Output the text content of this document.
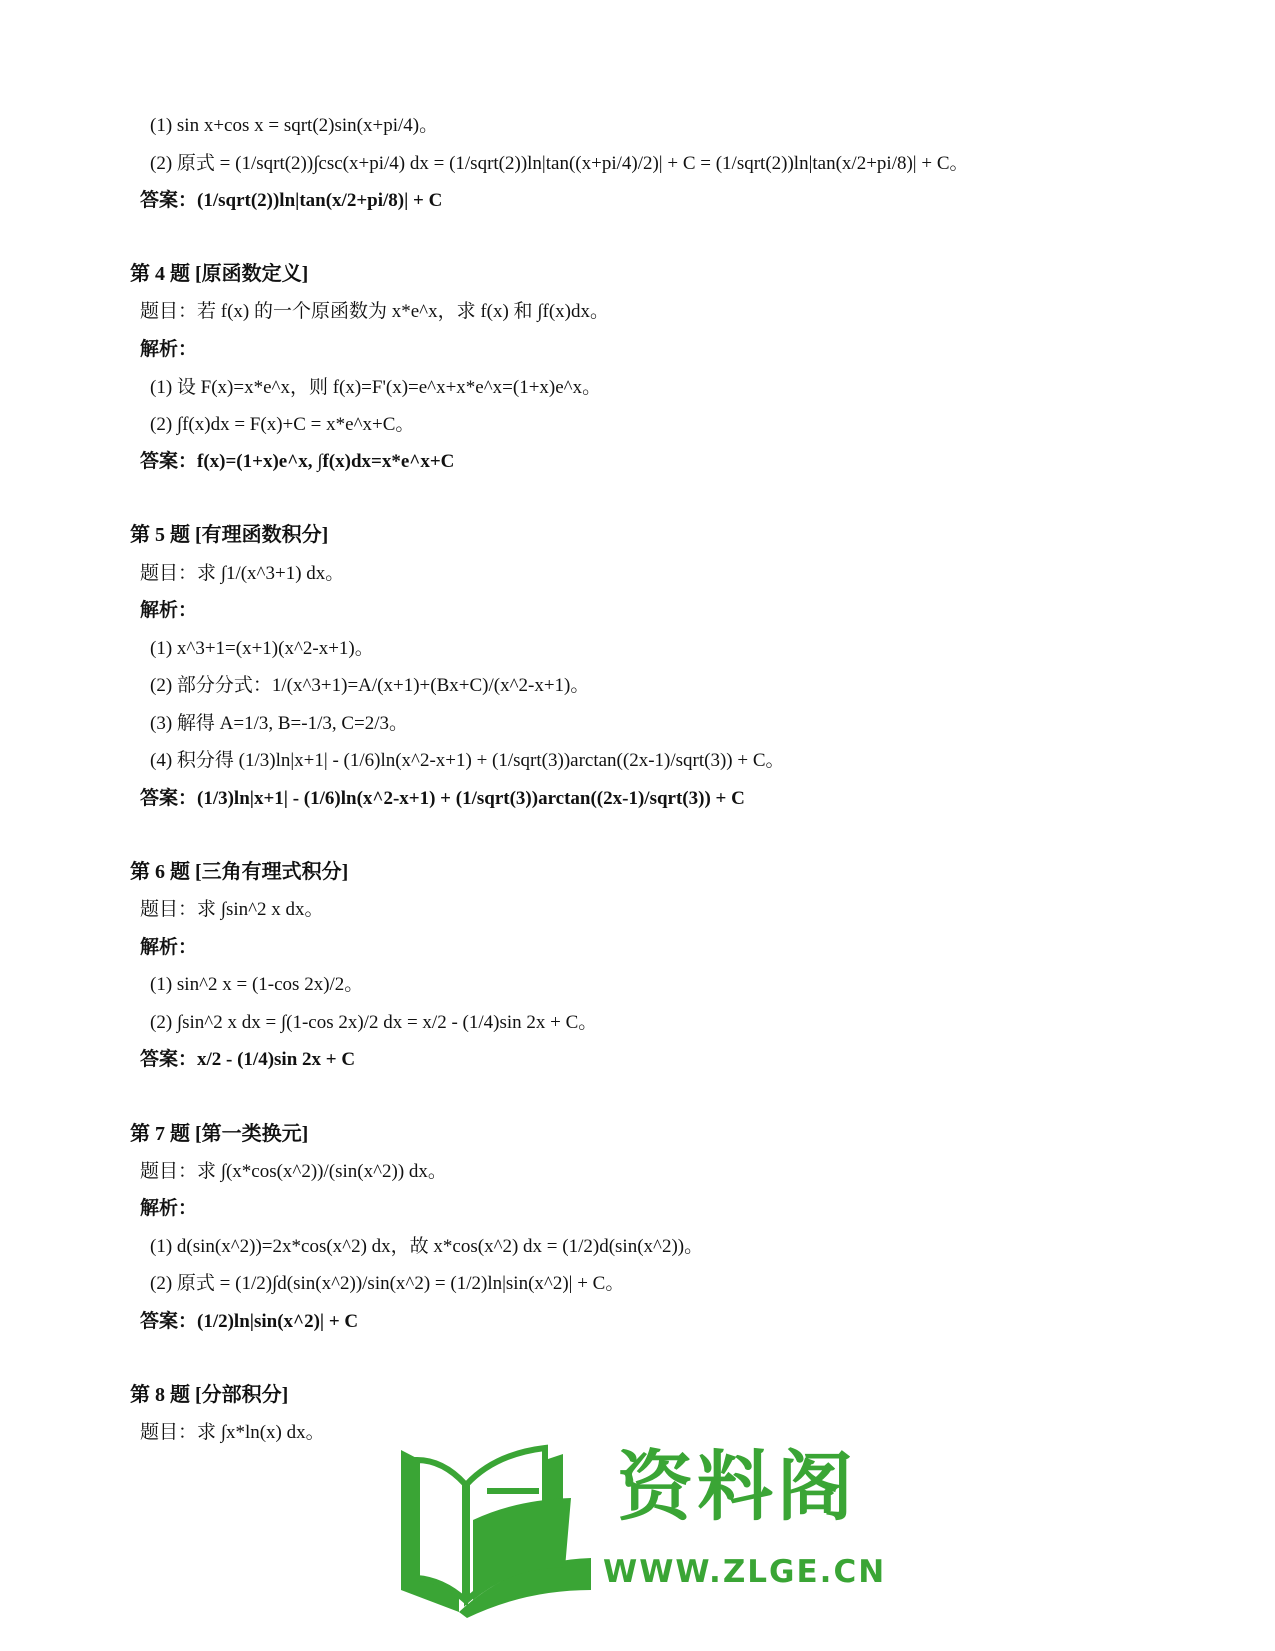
(1) sin x+cos x = sqrt(2)sin(x+pi/4)。
(2) 原式 = (1/sqrt(2))∫csc(x+pi/4) dx = (1/sqrt(2))ln|tan((x+pi/4)/2)| + C = (1/sqrt(2))ln|tan(x/2+pi/8)| + C。
答案：(1/sqrt(2))ln|tan(x/2+pi/8)| + C
第 4 题 [原函数定义]
题目：若 f(x) 的一个原函数为 x*e^x，求 f(x) 和 ∫f(x)dx。
解析：
(1) 设 F(x)=x*e^x，则 f(x)=F'(x)=e^x+x*e^x=(1+x)e^x。
(2) ∫f(x)dx = F(x)+C = x*e^x+C。
答案：f(x)=(1+x)e^x, ∫f(x)dx=x*e^x+C
第 5 题 [有理函数积分]
题目：求 ∫1/(x^3+1) dx。
解析：
(1) x^3+1=(x+1)(x^2-x+1)。
(2) 部分分式：1/(x^3+1)=A/(x+1)+(Bx+C)/(x^2-x+1)。
(3) 解得 A=1/3, B=-1/3, C=2/3。
(4) 积分得 (1/3)ln|x+1| - (1/6)ln(x^2-x+1) + (1/sqrt(3))arctan((2x-1)/sqrt(3)) + C。
答案：(1/3)ln|x+1| - (1/6)ln(x^2-x+1) + (1/sqrt(3))arctan((2x-1)/sqrt(3)) + C
第 6 题 [三角有理式积分]
题目：求 ∫sin^2 x dx。
解析：
(1) sin^2 x = (1-cos 2x)/2。
(2) ∫sin^2 x dx = ∫(1-cos 2x)/2 dx = x/2 - (1/4)sin 2x + C。
答案：x/2 - (1/4)sin 2x + C
第 7 题 [第一类换元]
题目：求 ∫(x*cos(x^2))/(sin(x^2)) dx。
解析：
(1) d(sin(x^2))=2x*cos(x^2) dx，故 x*cos(x^2) dx = (1/2)d(sin(x^2))。
(2) 原式 = (1/2)∫d(sin(x^2))/sin(x^2) = (1/2)ln|sin(x^2)| + C。
答案：(1/2)ln|sin(x^2)| + C
第 8 题 [分部积分]
题目：求 ∫x*ln(x) dx。
资料阁
WWW.ZLGE.CN
